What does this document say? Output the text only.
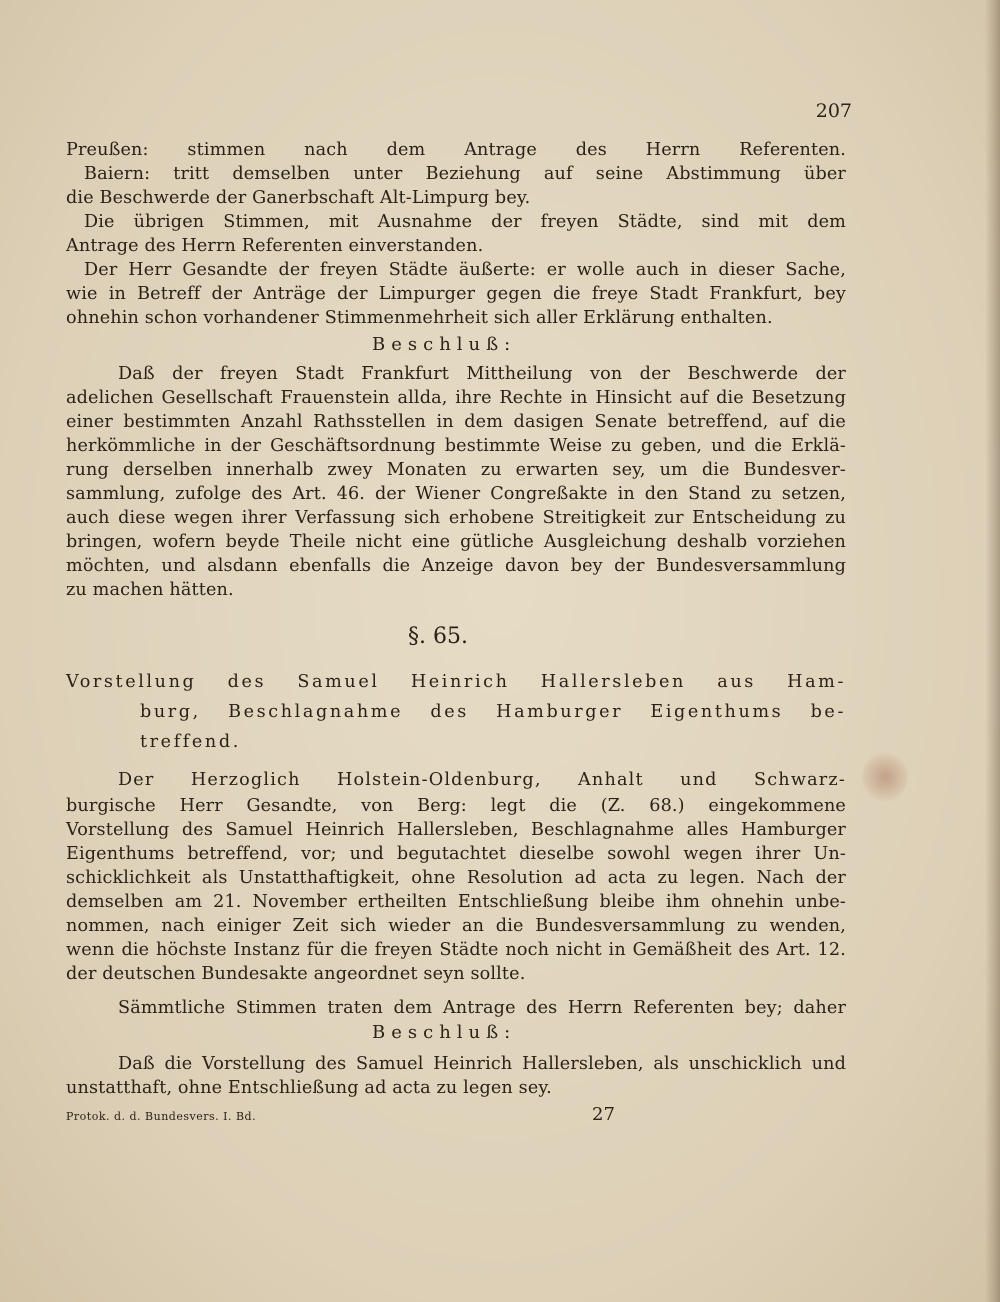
207
Preußen: stimmen nach dem Antrage des Herrn Referenten.
Baiern: tritt demselben unter Beziehung auf seine Abstimmung über
die Beschwerde der Ganerbschaft Alt-Limpurg bey.
Die übrigen Stimmen, mit Ausnahme der freyen Städte, sind mit dem
Antrage des Herrn Referenten einverstanden.
Der Herr Gesandte der freyen Städte äußerte: er wolle auch in dieser Sache,
wie in Betreff der Anträge der Limpurger gegen die freye Stadt Frankfurt, bey
ohnehin schon vorhandener Stimmenmehrheit sich aller Erklärung enthalten.
Beschluß:
Daß der freyen Stadt Frankfurt Mittheilung von der Beschwerde der
adelichen Gesellschaft Frauenstein allda, ihre Rechte in Hinsicht auf die Besetzung
einer bestimmten Anzahl Rathsstellen in dem dasigen Senate betreffend, auf die
herkömmliche in der Geschäftsordnung bestimmte Weise zu geben, und die Erklä-
rung derselben innerhalb zwey Monaten zu erwarten sey, um die Bundesver-
sammlung, zufolge des Art. 46. der Wiener Congreßakte in den Stand zu setzen,
auch diese wegen ihrer Verfassung sich erhobene Streitigkeit zur Entscheidung zu
bringen, wofern beyde Theile nicht eine gütliche Ausgleichung deshalb vorziehen
möchten, und alsdann ebenfalls die Anzeige davon bey der Bundesversammlung
zu machen hätten.
§. 65.
Vorstellung des Samuel Heinrich Hallersleben aus Ham-
burg, Beschlagnahme des Hamburger Eigenthums be-
treffend.
Der Herzoglich Holstein-Oldenburg, Anhalt und Schwarz-
burgische Herr Gesandte, von Berg: legt die (Z. 68.) eingekommene
Vorstellung des Samuel Heinrich Hallersleben, Beschlagnahme alles Hamburger
Eigenthums betreffend, vor; und begutachtet dieselbe sowohl wegen ihrer Un-
schicklichkeit als Unstatthaftigkeit, ohne Resolution ad acta zu legen. Nach der
demselben am 21. November ertheilten Entschließung bleibe ihm ohnehin unbe-
nommen, nach einiger Zeit sich wieder an die Bundesversammlung zu wenden,
wenn die höchste Instanz für die freyen Städte noch nicht in Gemäßheit des Art. 12.
der deutschen Bundesakte angeordnet seyn sollte.
Sämmtliche Stimmen traten dem Antrage des Herrn Referenten bey; daher
Beschluß:
Daß die Vorstellung des Samuel Heinrich Hallersleben, als unschicklich und
unstatthaft, ohne Entschließung ad acta zu legen sey.
Protok. d. d. Bundesvers. I. Bd.	27
